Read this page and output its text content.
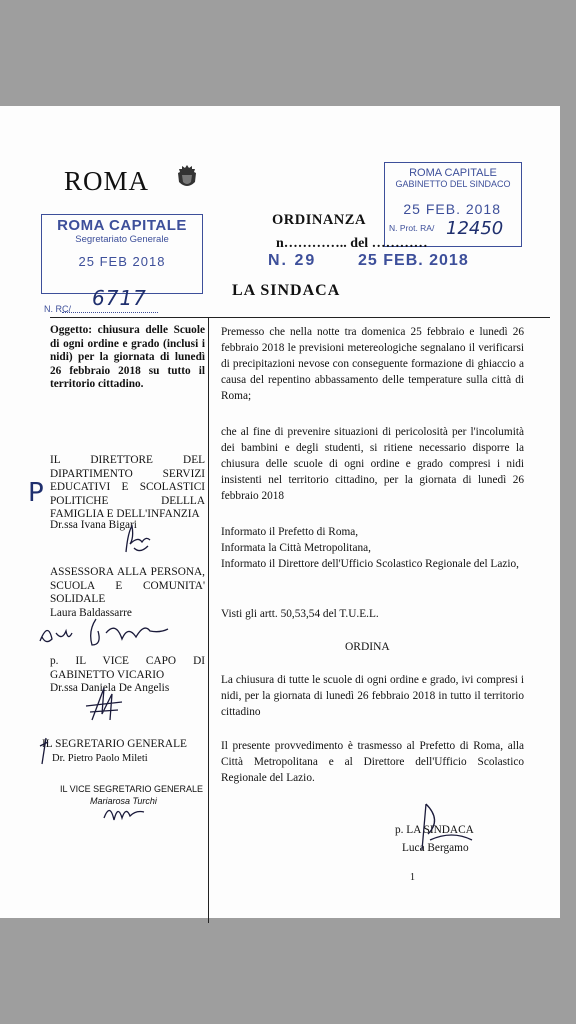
ROMA
ROMA CAPITALE
Segretariato Generale
25 FEB 2018
N. RC/ 6717
ROMA CAPITALE
GABINETTO DEL SINDACO
25 FEB. 2018
N. Prot. RA/ 12450
ORDINANZA
n………….. del …………
N. 29	25 FEB. 2018
LA SINDACA
Oggetto: chiusura delle Scuole di ogni ordine e grado (inclusi i nidi) per la giornata di lunedì 26 febbraio 2018 su tutto il territorio cittadino.
P
IL DIRETTORE DEL DIPARTIMENTO SERVIZI EDUCATIVI E SCOLASTICI POLITICHE DELLLA FAMIGLIA E DELL'INFANZIA
Dr.ssa Ivana Bigari
ASSESSORA ALLA PERSONA, SCUOLA E COMUNITA' SOLIDALE
Laura Baldassarre
p. IL VICE CAPO DI GABINETTO VICARIO
Dr.ssa Daniela De Angelis
IL SEGRETARIO GENERALE
Dr. Pietro Paolo Mileti
IL VICE SEGRETARIO GENERALE
Mariarosa Turchi
Premesso che nella notte tra domenica 25 febbraio e lunedì 26 febbraio 2018 le previsioni metereologiche segnalano il verificarsi di precipitazioni nevose con conseguente formazione di ghiaccio a causa del repentino abbassamento delle temperature sulla città di Roma;
che al fine di prevenire situazioni di pericolosità per l'incolumità dei bambini e degli studenti, si ritiene necessario disporre la chiusura delle scuole di ogni ordine e grado compresi i nidi insistenti nel territorio cittadino, per la giornata di lunedì 26 febbraio 2018
Informato il Prefetto di Roma,
Informata la Città Metropolitana,
Informato il Direttore dell'Ufficio Scolastico Regionale del Lazio,
Visti gli artt. 50,53,54 del T.U.E.L.
ORDINA
La chiusura di tutte le scuole di ogni ordine e grado, ivi compresi i nidi, per la giornata di lunedì 26 febbraio 2018 in tutto il territorio cittadino
Il presente provvedimento è trasmesso al Prefetto di Roma, alla Città Metropolitana e al Direttore dell'Ufficio Scolastico Regionale del Lazio.
p. LA SINDACA
Luca Bergamo
1
